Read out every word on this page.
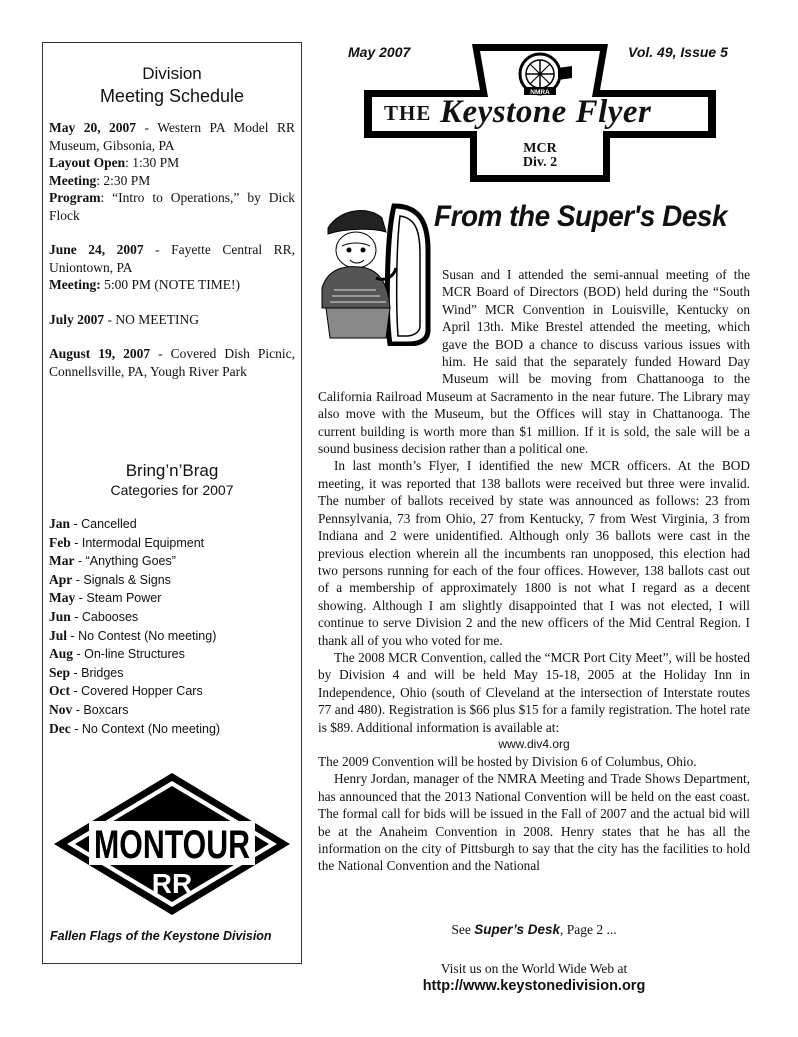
Division
Meeting Schedule
May 20, 2007 - Western PA Model RR Museum, Gibsonia, PA
Layout Open: 1:30 PM
Meeting: 2:30 PM
Program: “Intro to Operations,” by Dick Flock
June 24, 2007 - Fayette Central RR, Uniontown, PA
Meeting: 5:00 PM (NOTE TIME!)
July 2007 - NO MEETING
August 19, 2007 - Covered Dish Picnic, Connellsville, PA, Yough River Park
Bring’n’Brag
Categories for 2007
Jan - Cancelled
Feb - Intermodal Equipment
Mar - “Anything Goes”
Apr - Signals & Signs
May - Steam Power
Jun - Cabooses
Jul - No Contest (No meeting)
Aug - On-line Structures
Sep - Bridges
Oct - Covered Hopper Cars
Nov - Boxcars
Dec - No Context (No meeting)
MONTOUR
RR
Fallen Flags of the Keystone Division
May 2007	Vol. 49, Issue 5
NMRA
THE Keystone Flyer
MCR
Div. 2
From the Super's Desk

Susan and I attended the semi-annual meeting of the MCR Board of Directors (BOD) held during the “South Wind” MCR Convention in Louisville, Kentucky on April 13th. Mike Brestel attended the meeting, which gave the BOD a chance to discuss various issues with him. He said that the separately funded Howard Day Museum will be moving from Chattanooga to the California Railroad Museum at Sacramento in the near future. The Library may also move with the Museum, but the Offices will stay in Chattanooga. The current building is worth more than $1 million. If it is sold, the sale will be a sound business decision rather than a political one.

In last month’s Flyer, I identified the new MCR officers. At the BOD meeting, it was reported that 138 ballots were received but three were invalid. The number of ballots received by state was announced as follows: 23 from Pennsylvania, 73 from Ohio, 27 from Kentucky, 7 from West Virginia, 3 from Indiana and 2 were unidentified. Although only 36 ballots were cast in the previous election wherein all the incumbents ran unopposed, this election had two persons running for each of the four offices. However, 138 ballots cast out of a membership of approximately 1800 is not what I regard as a decent showing. Although I am slightly disappointed that I was not elected, I will continue to serve Division 2 and the new officers of the Mid Central Region. I thank all of you who voted for me.

The 2008 MCR Convention, called the “MCR Port City Meet”, will be hosted by Division 4 and will be held May 15-18, 2005 at the Holiday Inn in Independence, Ohio (south of Cleveland at the intersection of Interstate routes 77 and 480). Registration is $66 plus $15 for a family registration. The hotel rate is $89. Additional information is available at:

www.div4.org

The 2009 Convention will be hosted by Division 6 of Columbus, Ohio.

Henry Jordan, manager of the NMRA Meeting and Trade Shows Department, has announced that the 2013 National Convention will be held on the east coast. The formal call for bids will be issued in the Fall of 2007 and the actual bid will be at the Anaheim Convention in 2008. Henry states that he has all the information on the city of Pittsburgh to say that the city has the facilities to hold the National Convention and the National

See Super’s Desk, Page 2 ...
Visit us on the World Wide Web at
http://www.keystonedivision.org
